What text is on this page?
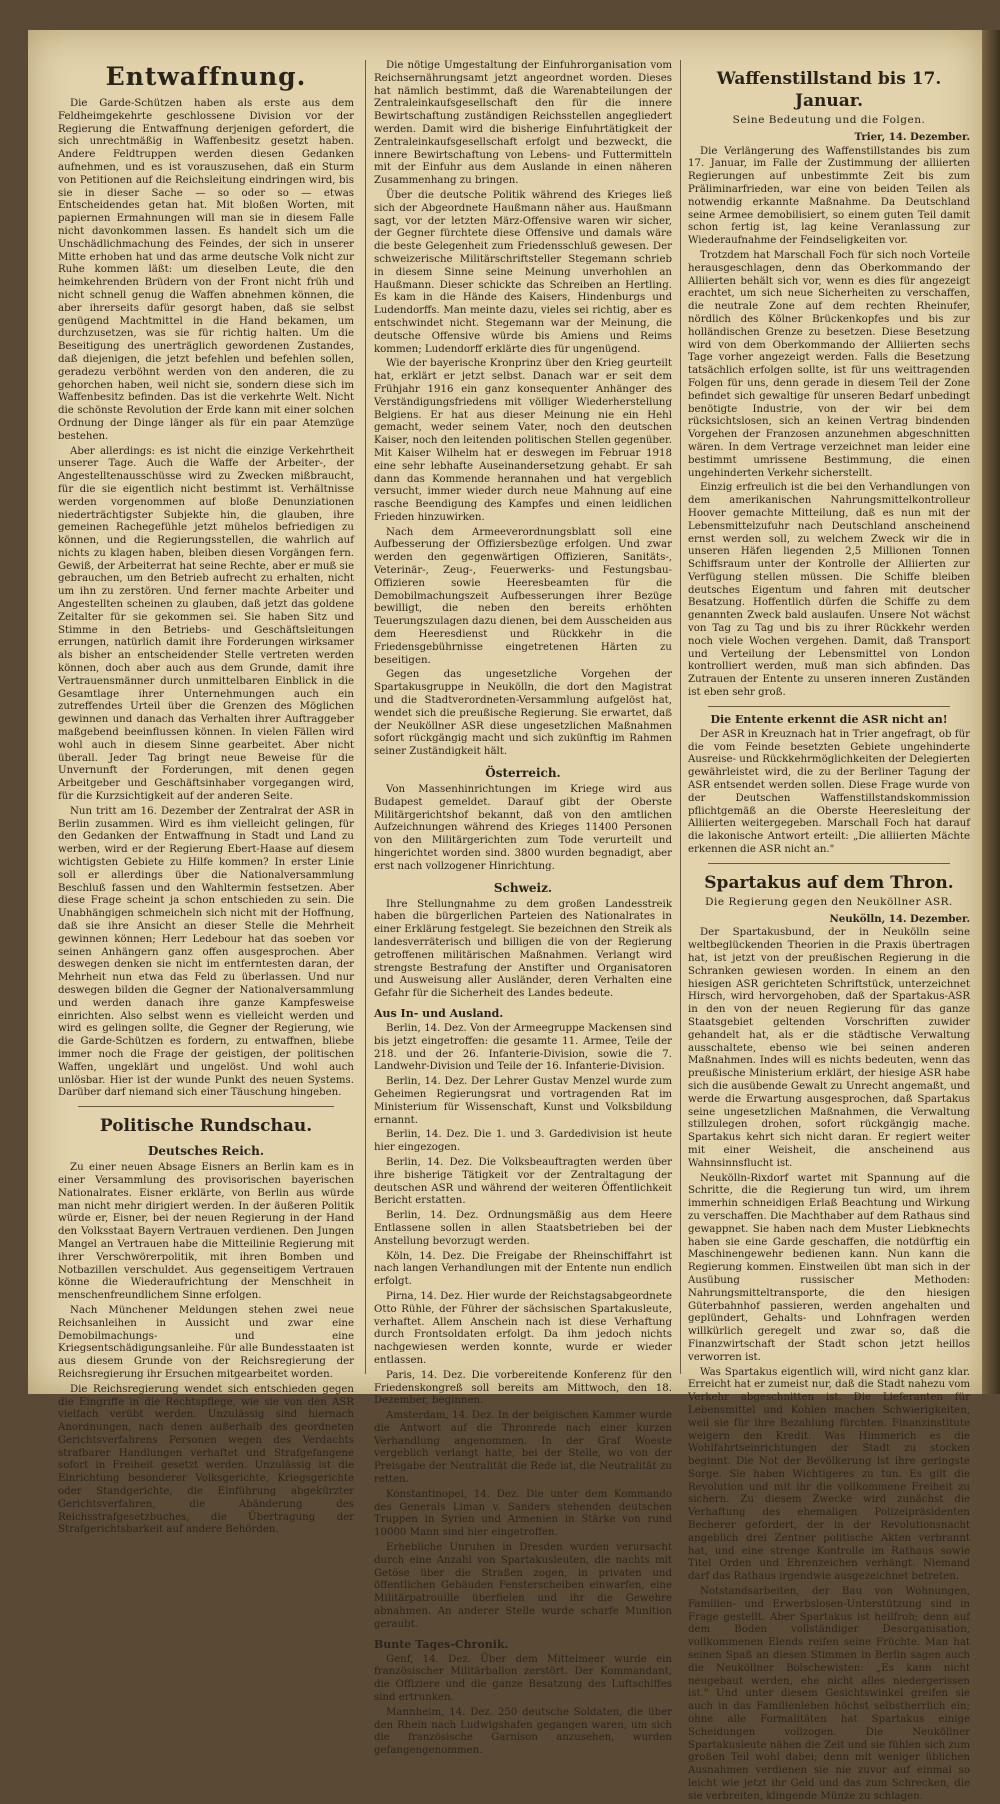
Entwaffnung.

Die Garde-Schützen haben als erste aus dem Feldheimgekehrte geschlossene Division vor der Regierung die Entwaffnung derjenigen gefordert, die sich unrechtmäßig in Waffenbesitz gesetzt haben. Andere Feldtruppen werden diesen Gedanken aufnehmen, und es ist vorauszusehen, daß ein Sturm von Petitionen auf die Reichsleitung eindringen wird, bis sie in dieser Sache — so oder so — etwas Entscheidendes getan hat. Mit bloßen Worten, mit papiernen Ermahnungen will man sie in diesem Falle nicht davonkommen lassen. Es handelt sich um die Unschädlichmachung des Feindes, der sich in unserer Mitte erhoben hat und das arme deutsche Volk nicht zur Ruhe kommen läßt: um dieselben Leute, die den heimkehrenden Brüdern von der Front nicht früh und nicht schnell genug die Waffen abnehmen können, die aber ihrerseits dafür gesorgt haben, daß sie selbst genügend Machtmittel in die Hand bekamen, um durchzusetzen, was sie für richtig halten. Um die Beseitigung des unerträglich gewordenen Zustandes, daß diejenigen, die jetzt befehlen und befehlen sollen, geradezu verböhnt werden von den anderen, die zu gehorchen haben, weil nicht sie, sondern diese sich im Waffenbesitz befinden. Das ist die verkehrte Welt. Nicht die schönste Revolution der Erde kann mit einer solchen Ordnung der Dinge länger als für ein paar Atemzüge bestehen.

Aber allerdings: es ist nicht die einzige Verkehrtheit unserer Tage. Auch die Waffe der Arbeiter-, der Angestelltenausschüsse wird zu Zwecken mißbraucht, für die sie eigentlich nicht bestimmt ist. Verhältnisse werden vorgenommen auf bloße Denunziationen niederträchtigster Subjekte hin, die glauben, ihre gemeinen Rachegefühle jetzt mühelos befriedigen zu können, und die Regierungsstellen, die wahrlich auf nichts zu klagen haben, bleiben diesen Vorgängen fern. Gewiß, der Arbeiterrat hat seine Rechte, aber er muß sie gebrauchen, um den Betrieb aufrecht zu erhalten, nicht um ihn zu zerstören. Und ferner machte Arbeiter und Angestellten scheinen zu glauben, daß jetzt das goldene Zeitalter für sie gekommen sei. Sie haben Sitz und Stimme in den Betriebs- und Geschäftsleitungen errungen, natürlich damit ihre Forderungen wirksamer als bisher an entscheidender Stelle vertreten werden können, doch aber auch aus dem Grunde, damit ihre Vertrauensmänner durch unmittelbaren Einblick in die Gesamtlage ihrer Unternehmungen auch ein zutreffendes Urteil über die Grenzen des Möglichen gewinnen und danach das Verhalten ihrer Auftraggeber maßgebend beeinflussen können. In vielen Fällen wird wohl auch in diesem Sinne gearbeitet. Aber nicht überall. Jeder Tag bringt neue Beweise für die Unvernunft der Forderungen, mit denen gegen Arbeitgeber und Geschäftsinhaber vorgegangen wird, für die Kurzsichtigkeit auf der anderen Seite.

Nun tritt am 16. Dezember der Zentralrat der ASR in Berlin zusammen. Wird es ihm vielleicht gelingen, für den Gedanken der Entwaffnung in Stadt und Land zu werben, wird er der Regierung Ebert-Haase auf diesem wichtigsten Gebiete zu Hilfe kommen? In erster Linie soll er allerdings über die Nationalversammlung Beschluß fassen und den Wahltermin festsetzen. Aber diese Frage scheint ja schon entschieden zu sein. Die Unabhängigen schmeicheln sich nicht mit der Hoffnung, daß sie ihre Ansicht an dieser Stelle die Mehrheit gewinnen können; Herr Ledebour hat das soeben vor seinen Anhängern ganz offen ausgesprochen. Aber deswegen denken sie nicht im entferntesten daran, der Mehrheit nun etwa das Feld zu überlassen. Und nur deswegen bilden die Gegner der Nationalversammlung und werden danach ihre ganze Kampfesweise einrichten. Also selbst wenn es vielleicht werden und wird es gelingen sollte, die Gegner der Regierung, wie die Garde-Schützen es fordern, zu entwaffnen, bliebe immer noch die Frage der geistigen, der politischen Waffen, ungeklärt und ungelöst. Und wohl auch unlösbar. Hier ist der wunde Punkt des neuen Systems. Darüber darf niemand sich einer Täuschung hingeben.

Politische Rundschau.
Deutsches Reich.

Zu einer neuen Absage Eisners an Berlin kam es in einer Versammlung des provisorischen bayerischen Nationalrates. Eisner erklärte, von Berlin aus würde man nicht mehr dirigiert werden. In der äußeren Politik würde er, Eisner, bei der neuen Regierung in der Hand den Volksstaat Bayern Vertrauen verdienen. Den Jungen Mangel an Vertrauen habe die Mitteilinie Regierung mit ihrer Verschwörerpolitik, mit ihren Bomben und Notbazillen verschuldet. Aus gegenseitigem Vertrauen könne die Wiederaufrichtung der Menschheit in menschenfreundlichem Sinne erfolgen.

Nach Münchener Meldungen stehen zwei neue Reichsanleihen in Aussicht und zwar eine Demobilmachungs- und eine Kriegsentschädigungsanleihe. Für alle Bundesstaaten ist aus diesem Grunde von der Reichsregierung der Reichsregierung ihr Ersuchen mitgearbeitet worden.

Die Reichsregierung wendet sich entschieden gegen die Eingriffe in die Rechtspflege, wie sie von den ASR vielfach verübt werden. Unzulässig sind hiernach Anordnungen, nach denen außerhalb des geordneten Gerichtsverfahrens Personen wegen des Verdachts strafbarer Handlungen verhaftet und Strafgefangene sofort in Freiheit gesetzt werden. Unzulässig ist die Einrichtung besonderer Volksgerichte, Kriegsgerichte oder Standgerichte, die Einführung abgekürzter Gerichtsverfahren, die Abänderung des Reichsstrafgesetzbuches, die Übertragung der Strafgerichtsbarkeit auf andere Behörden.

Die nötige Umgestaltung der Einfuhrorganisation vom Reichsernährungsamt jetzt angeordnet worden. Dieses hat nämlich bestimmt, daß die Warenabteilungen der Zentraleinkaufsgesellschaft den für die innere Bewirtschaftung zuständigen Reichsstellen angegliedert werden. Damit wird die bisherige Einfuhrtätigkeit der Zentraleinkaufsgesellschaft erfolgt und bezweckt, die innere Bewirtschaftung von Lebens- und Futtermitteln mit der Einfuhr aus dem Auslande in einen näheren Zusammenhang zu bringen.

Über die deutsche Politik während des Krieges ließ sich der Abgeordnete Haußmann näher aus. Haußmann sagt, vor der letzten März-Offensive waren wir sicher, der Gegner fürchtete diese Offensive und damals wäre die beste Gelegenheit zum Friedensschluß gewesen. Der schweizerische Militärschriftsteller Stegemann schrieb in diesem Sinne seine Meinung unverhohlen an Haußmann. Dieser schickte das Schreiben an Hertling. Es kam in die Hände des Kaisers, Hindenburgs und Ludendorffs. Man meinte dazu, vieles sei richtig, aber es entschwindet nicht. Stegemann war der Meinung, die deutsche Offensive würde bis Amiens und Reims kommen; Ludendorff erklärte dies für ungenügend.

Wie der bayerische Kronprinz über den Krieg geurteilt hat, erklärt er jetzt selbst. Danach war er seit dem Frühjahr 1916 ein ganz konsequenter Anhänger des Verständigungsfriedens mit völliger Wiederherstellung Belgiens. Er hat aus dieser Meinung nie ein Hehl gemacht, weder seinem Vater, noch den deutschen Kaiser, noch den leitenden politischen Stellen gegenüber. Mit Kaiser Wilhelm hat er deswegen im Februar 1918 eine sehr lebhafte Auseinandersetzung gehabt. Er sah dann das Kommende herannahen und hat vergeblich versucht, immer wieder durch neue Mahnung auf eine rasche Beendigung des Kampfes und einen leidlichen Frieden hinzuwirken.

Nach dem Armeeverordnungsblatt soll eine Aufbesserung der Offiziersbezüge erfolgen. Und zwar werden den gegenwärtigen Offizieren, Sanitäts-, Veterinär-, Zeug-, Feuerwerks- und Festungsbau-Offizieren sowie Heeresbeamten für die Demobilmachungszeit Aufbesserungen ihrer Bezüge bewilligt, die neben den bereits erhöhten Teuerungszulagen dazu dienen, bei dem Ausscheiden aus dem Heeresdienst und Rückkehr in die Friedensgebührnisse eingetretenen Härten zu beseitigen.

Gegen das ungesetzliche Vorgehen der Spartakusgruppe in Neukölln, die dort den Magistrat und die Stadtverordneten-Versammlung aufgelöst hat, wendet sich die preußische Regierung. Sie erwartet, daß der Neuköllner ASR diese ungesetzlichen Maßnahmen sofort rückgängig macht und sich zukünftig im Rahmen seiner Zuständigkeit hält.

Österreich.

Von Massenhinrichtungen im Kriege wird aus Budapest gemeldet. Darauf gibt der Oberste Militärgerichtshof bekannt, daß von den amtlichen Aufzeichnungen während des Krieges 11400 Personen von den Militärgerichten zum Tode verurteilt und hingerichtet worden sind. 3800 wurden begnadigt, aber erst nach vollzogener Hinrichtung.

Schweiz.

Ihre Stellungnahme zu dem großen Landesstreik haben die bürgerlichen Parteien des Nationalrates in einer Erklärung festgelegt. Sie bezeichnen den Streik als landesverräterisch und billigen die von der Regierung getroffenen militärischen Maßnahmen. Verlangt wird strengste Bestrafung der Anstifter und Organisatoren und Ausweisung aller Ausländer, deren Verhalten eine Gefahr für die Sicherheit des Landes bedeute.

Aus In- und Ausland.

Berlin, 14. Dez. Von der Armeegruppe Mackensen sind bis jetzt eingetroffen: die gesamte 11. Armee, Teile der 218. und der 26. Infanterie-Division, sowie die 7. Landwehr-Division und Teile der 16. Infanterie-Division.

Berlin, 14. Dez. Der Lehrer Gustav Menzel wurde zum Geheimen Regierungsrat und vortragenden Rat im Ministerium für Wissenschaft, Kunst und Volksbildung ernannt.

Berlin, 14. Dez. Die 1. und 3. Gardedivision ist heute hier eingezogen.

Berlin, 14. Dez. Die Volksbeauftragten werden über ihre bisherige Tätigkeit vor der Zentraltagung der deutschen ASR und während der weiteren Öffentlichkeit Bericht erstatten.

Berlin, 14. Dez. Ordnungsmäßig aus dem Heere Entlassene sollen in allen Staatsbetrieben bei der Anstellung bevorzugt werden.

Köln, 14. Dez. Die Freigabe der Rheinschiffahrt ist nach langen Verhandlungen mit der Entente nun endlich erfolgt.

Pirna, 14. Dez. Hier wurde der Reichstagsabgeordnete Otto Rühle, der Führer der sächsischen Spartakusleute, verhaftet. Allem Anschein nach ist diese Verhaftung durch Frontsoldaten erfolgt. Da ihm jedoch nichts nachgewiesen werden konnte, wurde er wieder entlassen.

Paris, 14. Dez. Die vorbereitende Konferenz für den Friedenskongreß soll bereits am Mittwoch, den 18. Dezember, beginnen.

Amsterdam, 14. Dez. In der belgischen Kammer wurde die Antwort auf die Thronrede nach einer kurzen Verhandlung angenommen. In der Graf Woeste vergeblich verlangt hatte, bei der Stelle, wo von der Preisgabe der Neutralität die Rede ist, die Neutralität zu retten.

Konstantinopel, 14. Dez. Die unter dem Kommando des Generals Liman v. Sanders stehenden deutschen Truppen in Syrien und Armenien in Stärke von rund 10000 Mann sind hier eingetroffen.

Erhebliche Unruhen in Dresden wurden verursacht durch eine Anzahl von Spartakusleuten, die nachts mit Getöse über die Straßen zogen, in privaten und öffentlichen Gebäuden Fensterscheiben einwarfen, eine Militärpatrouille überfielen und ihr die Gewehre abnahmen. An anderer Stelle wurde scharfe Munition geraubt.

Bunte Tages-Chronik.

Genf, 14. Dez. Über dem Mittelmeer wurde ein französischer Militärballon zerstört. Der Kommandant, die Offiziere und die ganze Besatzung des Luftschiffes sind ertrunken.

Mannheim, 14. Dez. 250 deutsche Soldaten, die über den Rhein nach Ludwigshafen gegangen waren, um sich die französische Garnison anzusehen, wurden gefangengenommen.

Waffenstillstand bis 17. Januar.
Seine Bedeutung und die Folgen.
Trier, 14. Dezember.

Die Verlängerung des Waffenstillstandes bis zum 17. Januar, im Falle der Zustimmung der alliierten Regierungen auf unbestimmte Zeit bis zum Präliminarfrieden, war eine von beiden Teilen als notwendig erkannte Maßnahme. Da Deutschland seine Armee demobilisiert, so einem guten Teil damit schon fertig ist, lag keine Veranlassung zur Wiederaufnahme der Feindseligkeiten vor.

Trotzdem hat Marschall Foch für sich noch Vorteile herausgeschlagen, denn das Oberkommando der Alliierten behält sich vor, wenn es dies für angezeigt erachtet, um sich neue Sicherheiten zu verschaffen, die neutrale Zone auf dem rechten Rheinufer, nördlich des Kölner Brückenkopfes und bis zur holländischen Grenze zu besetzen. Diese Besetzung wird von dem Oberkommando der Alliierten sechs Tage vorher angezeigt werden. Falls die Besetzung tatsächlich erfolgen sollte, ist für uns weittragenden Folgen für uns, denn gerade in diesem Teil der Zone befindet sich gewaltige für unseren Bedarf unbedingt benötigte Industrie, von der wir bei dem rücksichtslosen, sich an keinen Vertrag bindenden Vorgehen der Franzosen anzunehmen abgeschnitten wären. In dem Vertrage verzeichnet man leider eine bestimmt umrissene Bestimmung, die einen ungehinderten Verkehr sicherstellt.

Einzig erfreulich ist die bei den Verhandlungen von dem amerikanischen Nahrungsmittelkontrolleur Hoover gemachte Mitteilung, daß es nun mit der Lebensmittelzufuhr nach Deutschland anscheinend ernst werden soll, zu welchem Zweck wir die in unseren Häfen liegenden 2,5 Millionen Tonnen Schiffsraum unter der Kontrolle der Alliierten zur Verfügung stellen müssen. Die Schiffe bleiben deutsches Eigentum und fahren mit deutscher Besatzung. Hoffentlich dürfen die Schiffe zu dem genannten Zweck bald auslaufen. Unsere Not wächst von Tag zu Tag und bis zu ihrer Rückkehr werden noch viele Wochen vergehen. Damit, daß Transport und Verteilung der Lebensmittel von London kontrolliert werden, muß man sich abfinden. Das Zutrauen der Entente zu unseren inneren Zuständen ist eben sehr groß.

Die Entente erkennt die ASR nicht an!

Der ASR in Kreuznach hat in Trier angefragt, ob für die vom Feinde besetzten Gebiete ungehinderte Ausreise- und Rückkehrmöglichkeiten der Delegierten gewährleistet wird, die zu der Berliner Tagung der ASR entsendet werden sollen. Diese Frage wurde von der Deutschen Waffenstillstandskommission pflichtgemäß an die Oberste Heeresleitung der Alliierten weitergegeben. Marschall Foch hat darauf die lakonische Antwort erteilt: „Die alliierten Mächte erkennen die ASR nicht an."

Spartakus auf dem Thron.
Die Regierung gegen den Neuköllner ASR.
Neukölln, 14. Dezember.

Der Spartakusbund, der in Neukölln seine weltbeglückenden Theorien in die Praxis übertragen hat, ist jetzt von der preußischen Regierung in die Schranken gewiesen worden. In einem an den hiesigen ASR gerichteten Schriftstück, unterzeichnet Hirsch, wird hervorgehoben, daß der Spartakus-ASR in den von der neuen Regierung für das ganze Staatsgebiet geltenden Vorschriften zuwider gehandelt hat, als er die städtische Verwaltung ausschaltete, ebenso wie bei seinen anderen Maßnahmen. Indes will es nichts bedeuten, wenn das preußische Ministerium erklärt, der hiesige ASR habe sich die ausübende Gewalt zu Unrecht angemaßt, und werde die Erwartung ausgesprochen, daß Spartakus seine ungesetzlichen Maßnahmen, die Verwaltung stillzulegen drohen, sofort rückgängig mache. Spartakus kehrt sich nicht daran. Er regiert weiter mit einer Weisheit, die anscheinend aus Wahnsinnsflucht ist.

Neukölln-Rixdorf wartet mit Spannung auf die Schritte, die die Regierung tun wird, um ihrem immerhin schneidigen Erlaß Beachtung und Wirkung zu verschaffen. Die Machthaber auf dem Rathaus sind gewappnet. Sie haben nach dem Muster Liebknechts haben sie eine Garde geschaffen, die notdürftig ein Maschinengewehr bedienen kann. Nun kann die Regierung kommen. Einstweilen übt man sich in der Ausübung russischer Methoden: Nahrungsmitteltransporte, die den hiesigen Güterbahnhof passieren, werden angehalten und geplündert, Gehalts- und Lohnfragen werden willkürlich geregelt und zwar so, daß die Finanzwirtschaft der Stadt schon jetzt heillos verworren ist.

Was Spartakus eigentlich will, wird nicht ganz klar. Erreicht hat er zumeist nur, daß die Stadt nahezu vom Verkehr abgeschnitten ist. Die Lieferanten für Lebensmittel und Kohlen machen Schwierigkeiten, weil sie für ihre Bezahlung fürchten. Finanzinstitute weigern den Kredit. Was Himmerich es die Wohlfahrtseinrichtungen der Stadt zu stocken beginnt. Die Not der Bevölkerung ist ihre geringste Sorge. Sie haben Wichtigeres zu tun. Es gilt die Revolution und mit ihr die vollkommene Freiheit zu sichern. Zu diesem Zwecke wird zunächst die Verhaftung des ehemaligen Polizeipräsidenten Becherer gefordert, der in der Revolutionsnacht angeblich drei Zentner politische Akten verbrannt hat, und eine strenge Kontrolle im Rathaus sowie Titel Orden und Ehrenzeichen verhängt. Niemand darf das Rathaus irgendwie ausgezeichnet betreten.

Notstandsarbeiten, der Bau von Wohnungen, Familien- und Erwerbslosen-Unterstützung sind in Frage gestellt. Aber Spartakus ist heilfroh; denn auf dem Boden vollständiger Desorganisation, vollkommenen Elends reifen seine Früchte. Man hat seinen Spaß an diesen Stimmen in Berlin sagen auch die Neuköllner Bolschewisten: „Es kann nicht neugebaut werden, ehe nicht alles niedergerissen ist." Und unter diesem Gesichtswinkel greifen sie auch in das Familienleben höchst selbstherrlich ein; ohne alle Formalitäten hat Spartakus einige Scheidungen vollzogen. Die Neuköllner Spartakusleute nähen die Zeit und sie fühlen sich zum großen Teil wohl dabei; denn mit weniger üblichen Ausnahmen verdienen sie nie zuvor auf einmal so leicht wie jetzt ihr Geld und das zum Schrecken, die sie verbreiten, klingende Münze zu schlagen.
